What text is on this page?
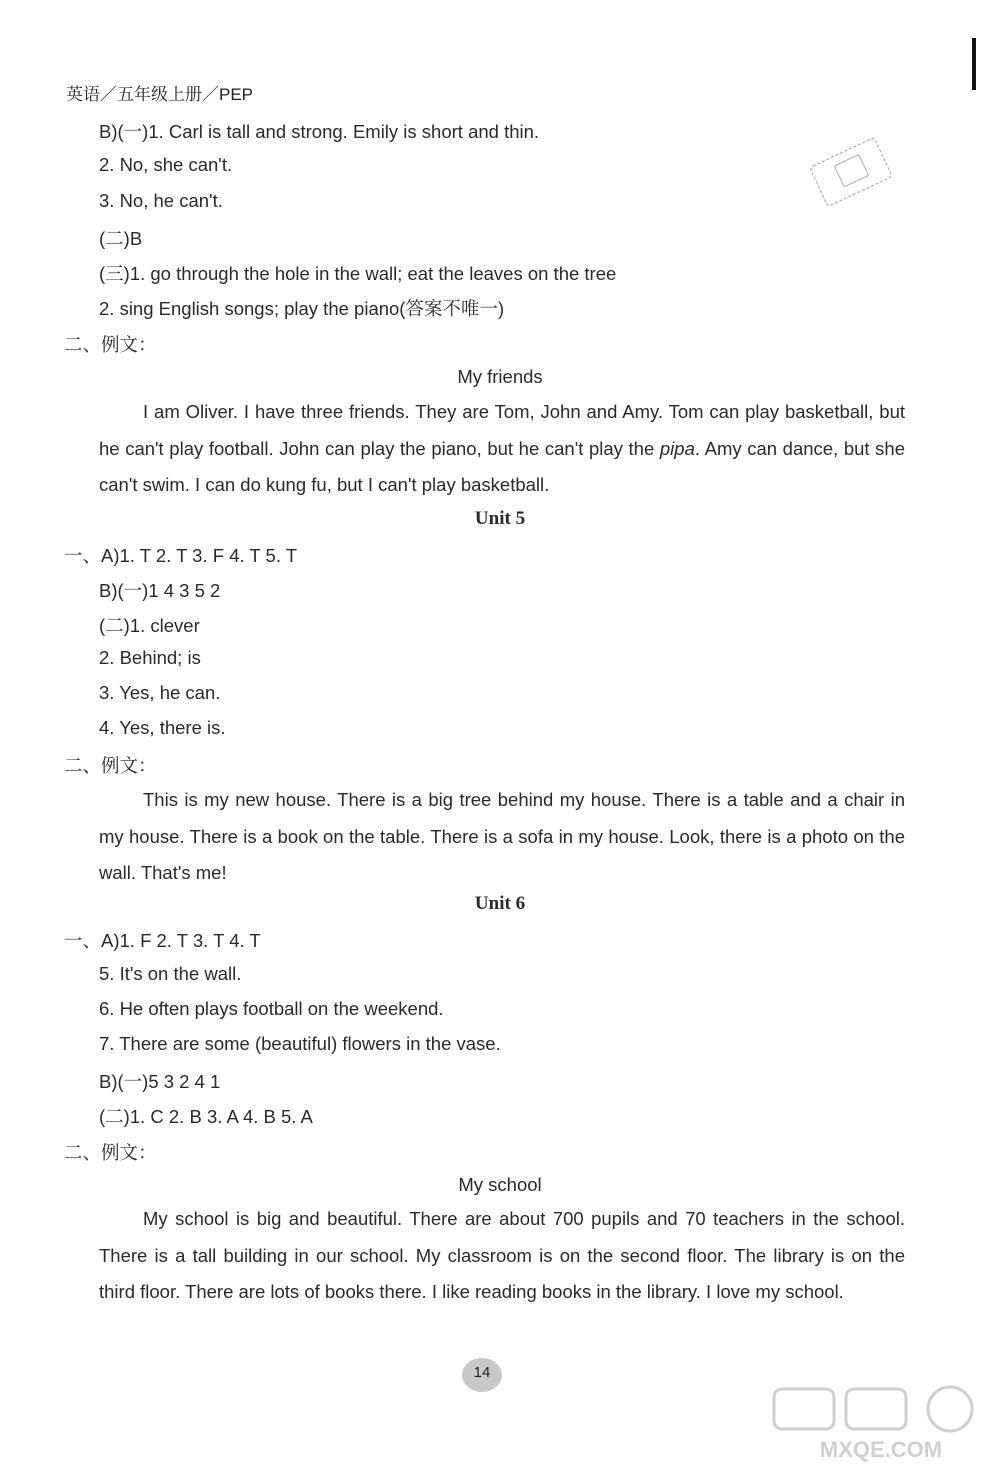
英语／五年级上册／PEP
B)(一)1. Carl is tall and strong. Emily is short and thin.
2. No, she can't.
3. No, he can't.
(二)B
(三)1. go through the hole in the wall; eat the leaves on the tree
2. sing English songs; play the piano(答案不唯一)
二、例文：
My friends
I am Oliver. I have three friends. They are Tom, John and Amy. Tom can play basketball, but he can't play football. John can play the piano, but he can't play the pipa. Amy can dance, but she can't swim. I can do kung fu, but I can't play basketball.
Unit 5
一、A)1. T 2. T 3. F 4. T 5. T
B)(一)1 4 3 5 2
(二)1. clever
2. Behind; is
3. Yes, he can.
4. Yes, there is.
二、例文：
This is my new house. There is a big tree behind my house. There is a table and a chair in my house. There is a book on the table. There is a sofa in my house. Look, there is a photo on the wall. That's me!
Unit 6
一、A)1. F 2. T 3. T 4. T
5. It's on the wall.
6. He often plays football on the weekend.
7. There are some (beautiful) flowers in the vase.
B)(一)5 3 2 4 1
(二)1. C 2. B 3. A 4. B 5. A
二、例文：
My school
My school is big and beautiful. There are about 700 pupils and 70 teachers in the school. There is a tall building in our school. My classroom is on the second floor. The library is on the third floor. There are lots of books there. I like reading books in the library. I love my school.
14
MXQE.COM
